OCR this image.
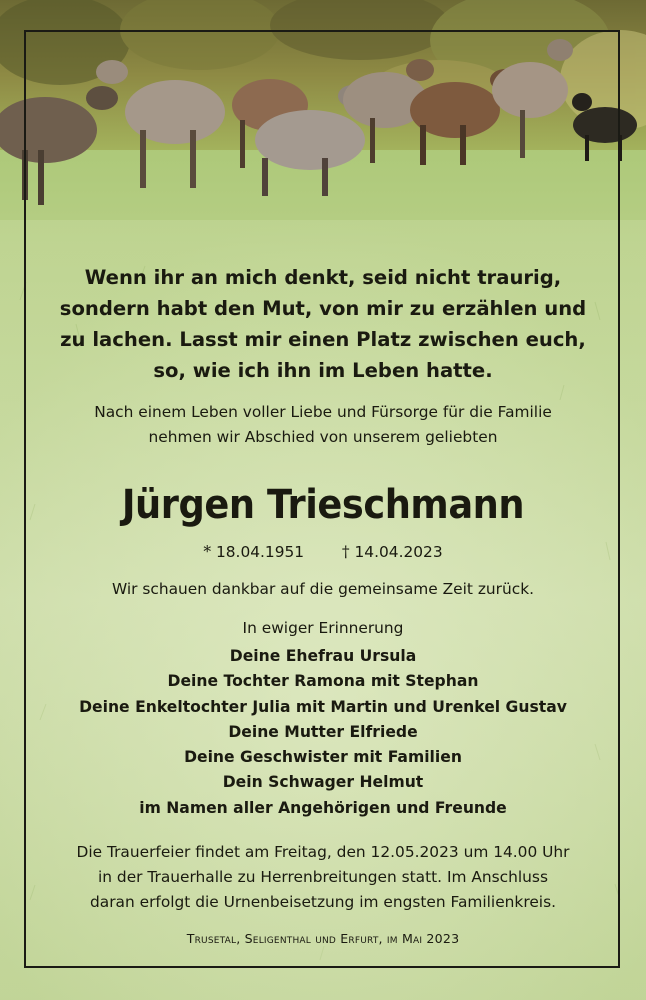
Wenn ihr an mich denkt, seid nicht traurig,
sondern habt den Mut, von mir zu erzählen und
zu lachen. Lasst mir einen Platz zwischen euch,
so, wie ich ihn im Leben hatte.
Nach einem Leben voller Liebe und Fürsorge für die Familie
nehmen wir Abschied von unserem geliebten
Jürgen Trieschmann
* 18.04.1951 † 14.04.2023
Wir schauen dankbar auf die gemeinsame Zeit zurück.
In ewiger Erinnerung
Deine Ehefrau Ursula
Deine Tochter Ramona mit Stephan
Deine Enkeltochter Julia mit Martin und Urenkel Gustav
Deine Mutter Elfriede
Deine Geschwister mit Familien
Dein Schwager Helmut
im Namen aller Angehörigen und Freunde
Die Trauerfeier findet am Freitag, den 12.05.2023 um 14.00 Uhr
in der Trauerhalle zu Herrenbreitungen statt. Im Anschluss
daran erfolgt die Urnenbeisetzung im engsten Familienkreis.
Trusetal, Seligenthal und Erfurt, im Mai 2023
